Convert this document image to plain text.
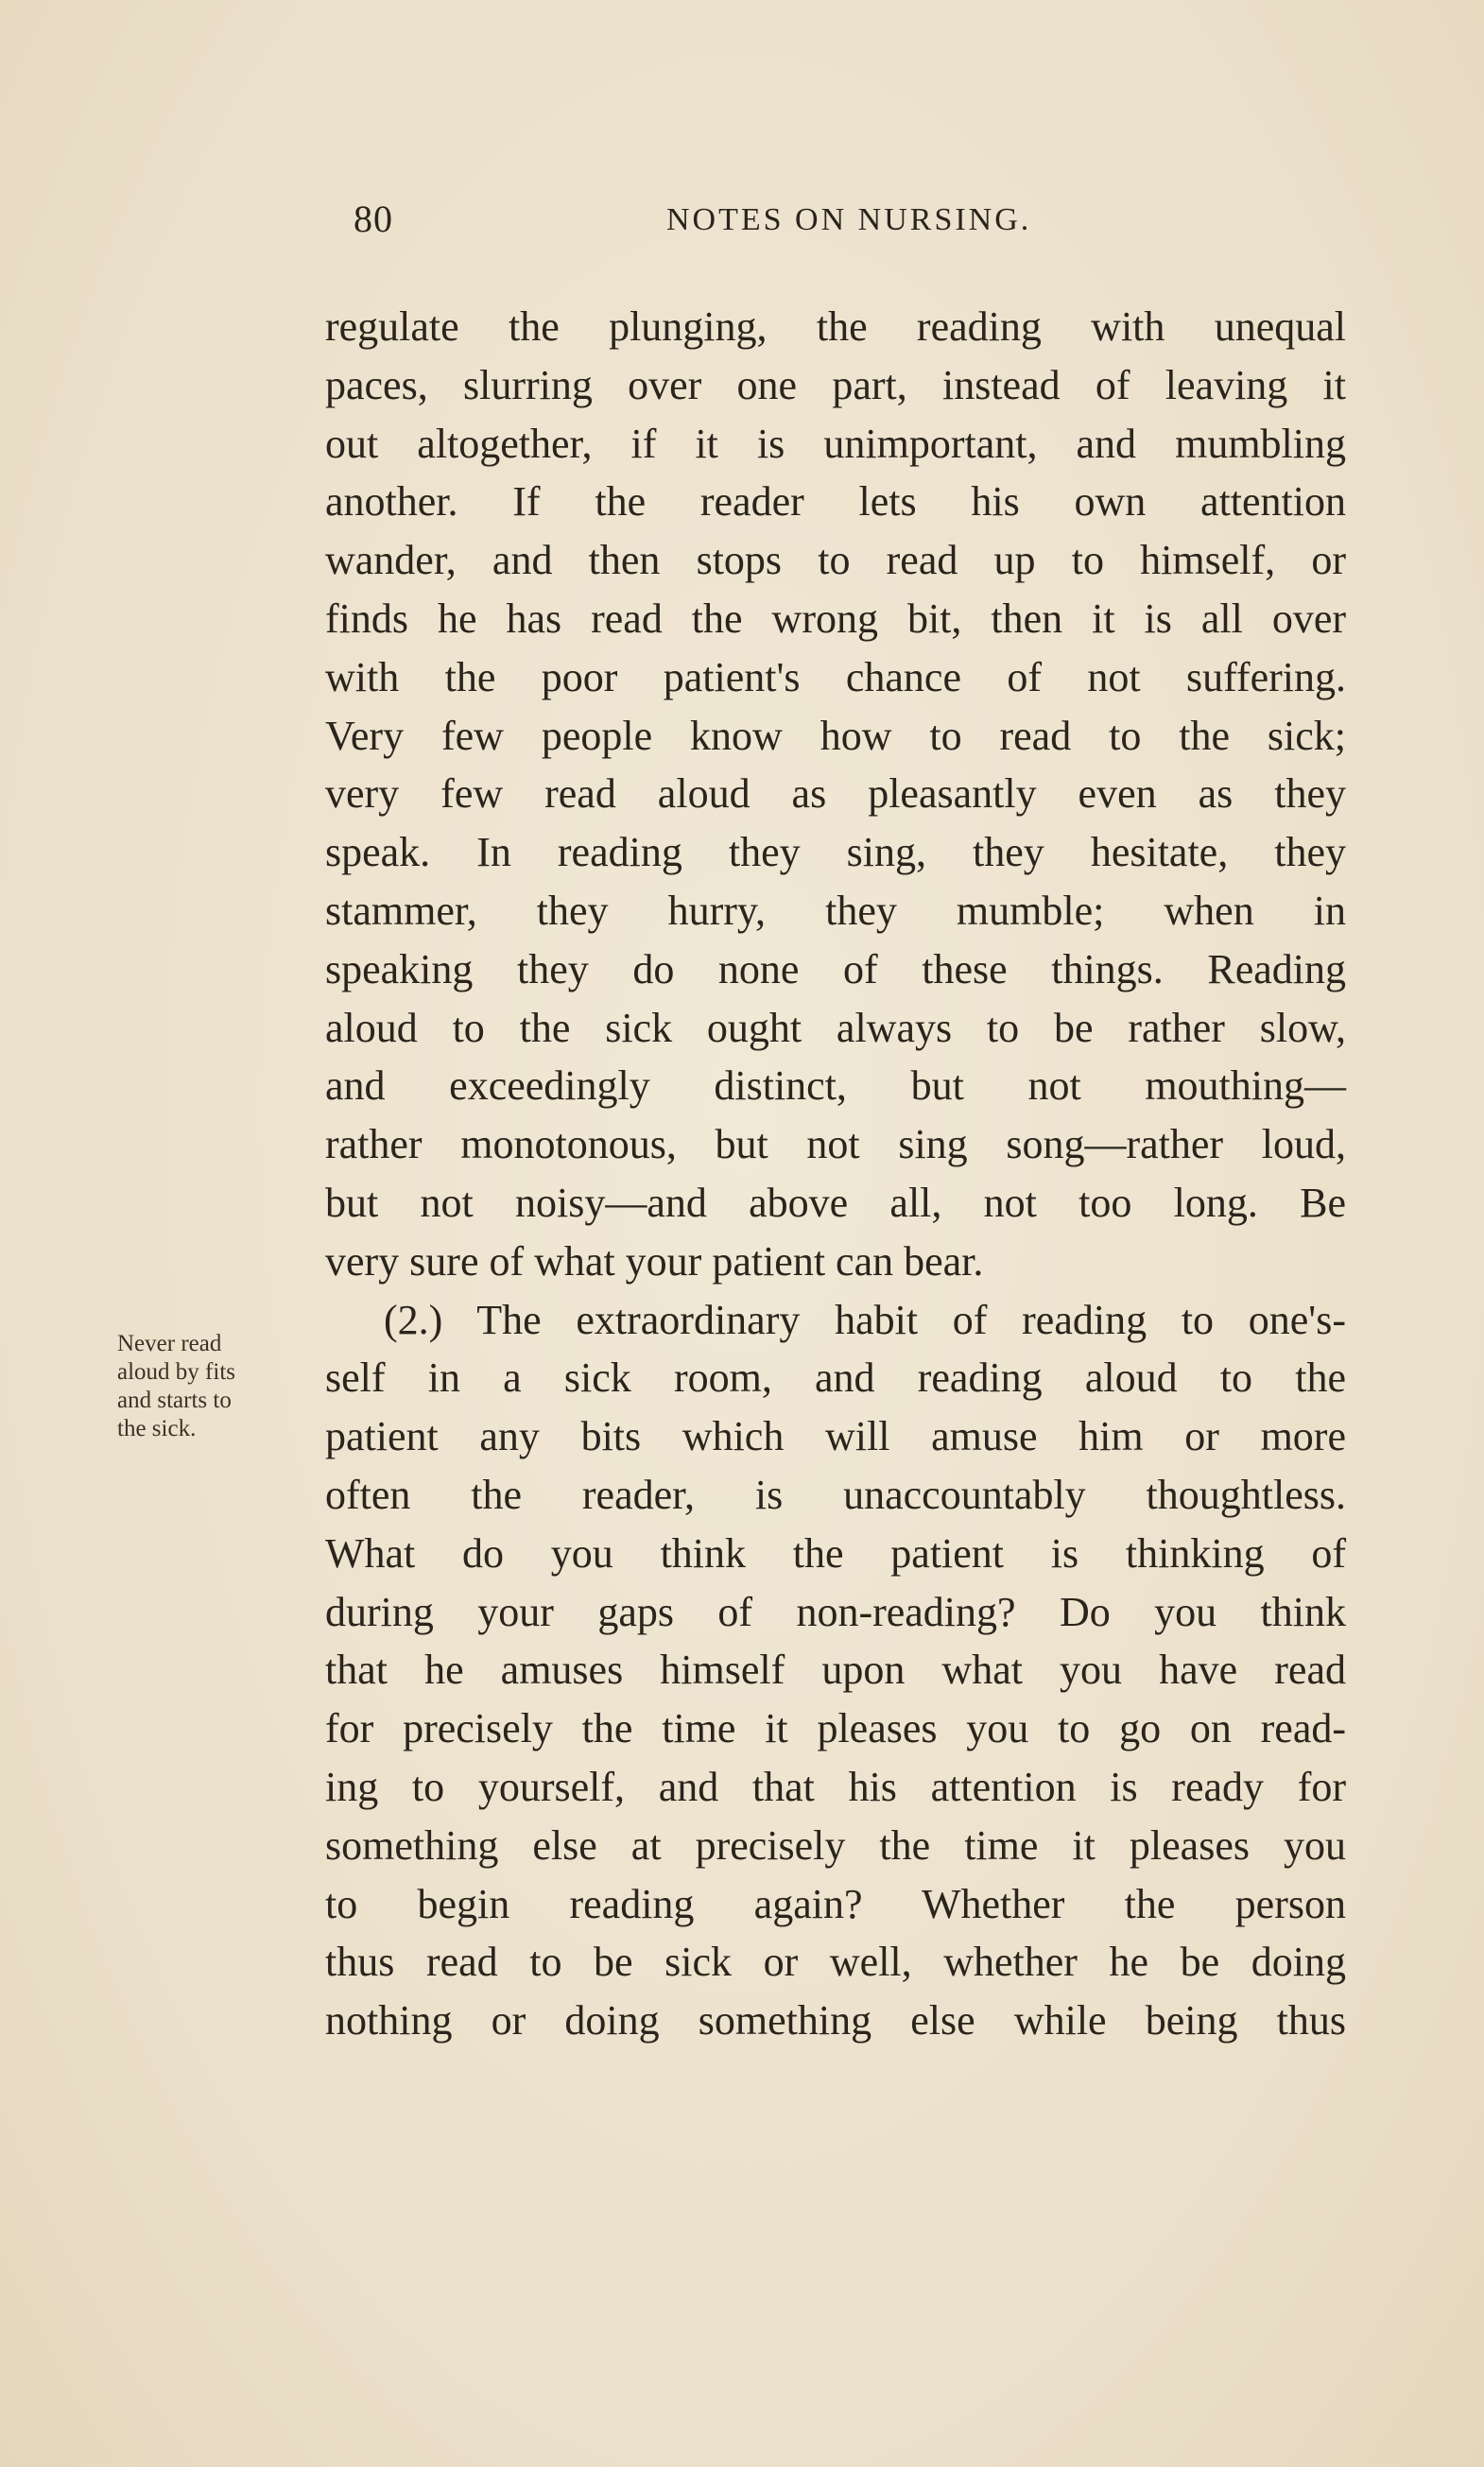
80	NOTES ON NURSING.
Never read
aloud by fits
and starts to
the sick.
regulate the plunging, the reading with unequal
paces, slurring over one part, instead of leaving it
out altogether, if it is unimportant, and mumbling
another. If the reader lets his own attention
wander, and then stops to read up to himself, or
finds he has read the wrong bit, then it is all over
with the poor patient's chance of not suffering.
Very few people know how to read to the sick;
very few read aloud as pleasantly even as they
speak. In reading they sing, they hesitate, they
stammer, they hurry, they mumble; when in
speaking they do none of these things. Reading
aloud to the sick ought always to be rather slow,
and exceedingly distinct, but not mouthing—
rather monotonous, but not sing song—rather loud,
but not noisy—and above all, not too long. Be
very sure of what your patient can bear.
(2.) The extraordinary habit of reading to one's-
self in a sick room, and reading aloud to the
patient any bits which will amuse him or more
often the reader, is unaccountably thoughtless.
What do you think the patient is thinking of
during your gaps of non-reading? Do you think
that he amuses himself upon what you have read
for precisely the time it pleases you to go on read-
ing to yourself, and that his attention is ready for
something else at precisely the time it pleases you
to begin reading again? Whether the person
thus read to be sick or well, whether he be doing
nothing or doing something else while being thus
